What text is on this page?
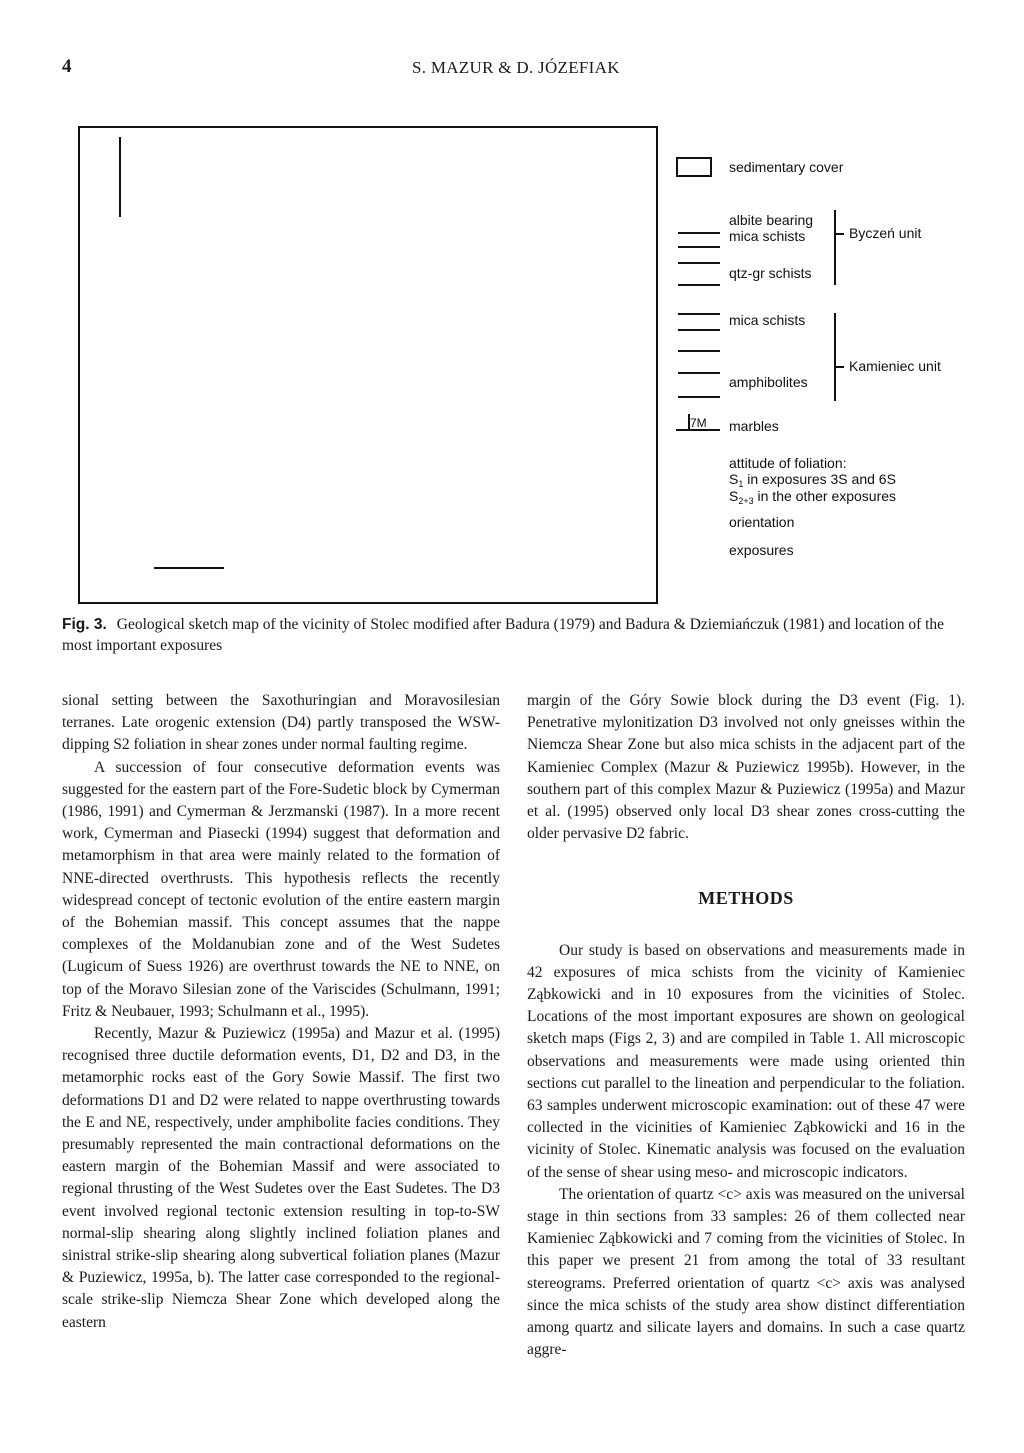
4	S. MAZUR & D. JÓZEFIAK
sedimentary cover
albite bearing
mica schists
qtz-gr schists
Byczeń unit
mica schists
amphibolites
Kamieniec unit
7M marbles
attitude of foliation:
$S_1$ in exposures 3S and 6S
$S_{2+3}$ in the other exposures
orientation
exposures
Fig. 3. Geological sketch map of the vicinity of Stolec modified after Badura (1979) and Badura & Dziemiańczuk (1981) and location of the most important exposures

sional setting between the Saxothuringian and Moravosilesian terranes. Late orogenic extension (D4) partly transposed the WSW-dipping S2 foliation in shear zones under normal faulting regime.

A succession of four consecutive deformation events was suggested for the eastern part of the Fore-Sudetic block by Cymerman (1986, 1991) and Cymerman & Jerzmanski (1987). In a more recent work, Cymerman and Piasecki (1994) suggest that deformation and metamorphism in that area were mainly related to the formation of NNE-directed overthrusts. This hypothesis reflects the recently widespread concept of tectonic evolution of the entire eastern margin of the Bohemian massif. This concept assumes that the nappe complexes of the Moldanubian zone and of the West Sudetes (Lugicum of Suess 1926) are overthrust towards the NE to NNE, on top of the Moravo Silesian zone of the Variscides (Schulmann, 1991; Fritz & Neubauer, 1993; Schulmann et al., 1995).

Recently, Mazur & Puziewicz (1995a) and Mazur et al. (1995) recognised three ductile deformation events, D1, D2 and D3, in the metamorphic rocks east of the Gory Sowie Massif. The first two deformations D1 and D2 were related to nappe overthrusting towards the E and NE, respectively, under amphibolite facies conditions. They presumably represented the main contractional deformations on the eastern margin of the Bohemian Massif and were associated to regional thrusting of the West Sudetes over the East Sudetes. The D3 event involved regional tectonic extension resulting in top-to-SW normal-slip shearing along slightly inclined foliation planes and sinistral strike-slip shearing along subvertical foliation planes (Mazur & Puziewicz, 1995a, b). The latter case corresponded to the regional-scale strike-slip Niemcza Shear Zone which developed along the eastern

margin of the Góry Sowie block during the D3 event (Fig. 1). Penetrative mylonitization D3 involved not only gneisses within the Niemcza Shear Zone but also mica schists in the adjacent part of the Kamieniec Complex (Mazur & Puziewicz 1995b). However, in the southern part of this complex Mazur & Puziewicz (1995a) and Mazur et al. (1995) observed only local D3 shear zones cross-cutting the older pervasive D2 fabric.

METHODS

Our study is based on observations and measurements made in 42 exposures of mica schists from the vicinity of Kamieniec Ząbkowicki and in 10 exposures from the vicinities of Stolec. Locations of the most important exposures are shown on geological sketch maps (Figs 2, 3) and are compiled in Table 1. All microscopic observations and measurements were made using oriented thin sections cut parallel to the lineation and perpendicular to the foliation. 63 samples underwent microscopic examination: out of these 47 were collected in the vicinities of Kamieniec Ząbkowicki and 16 in the vicinity of Stolec. Kinematic analysis was focused on the evaluation of the sense of shear using meso- and microscopic indicators.

The orientation of quartz <c> axis was measured on the universal stage in thin sections from 33 samples: 26 of them collected near Kamieniec Ząbkowicki and 7 coming from the vicinities of Stolec. In this paper we present 21 from among the total of 33 resultant stereograms. Preferred orientation of quartz <c> axis was analysed since the mica schists of the study area show distinct differentiation among quartz and silicate layers and domains. In such a case quartz aggre-
